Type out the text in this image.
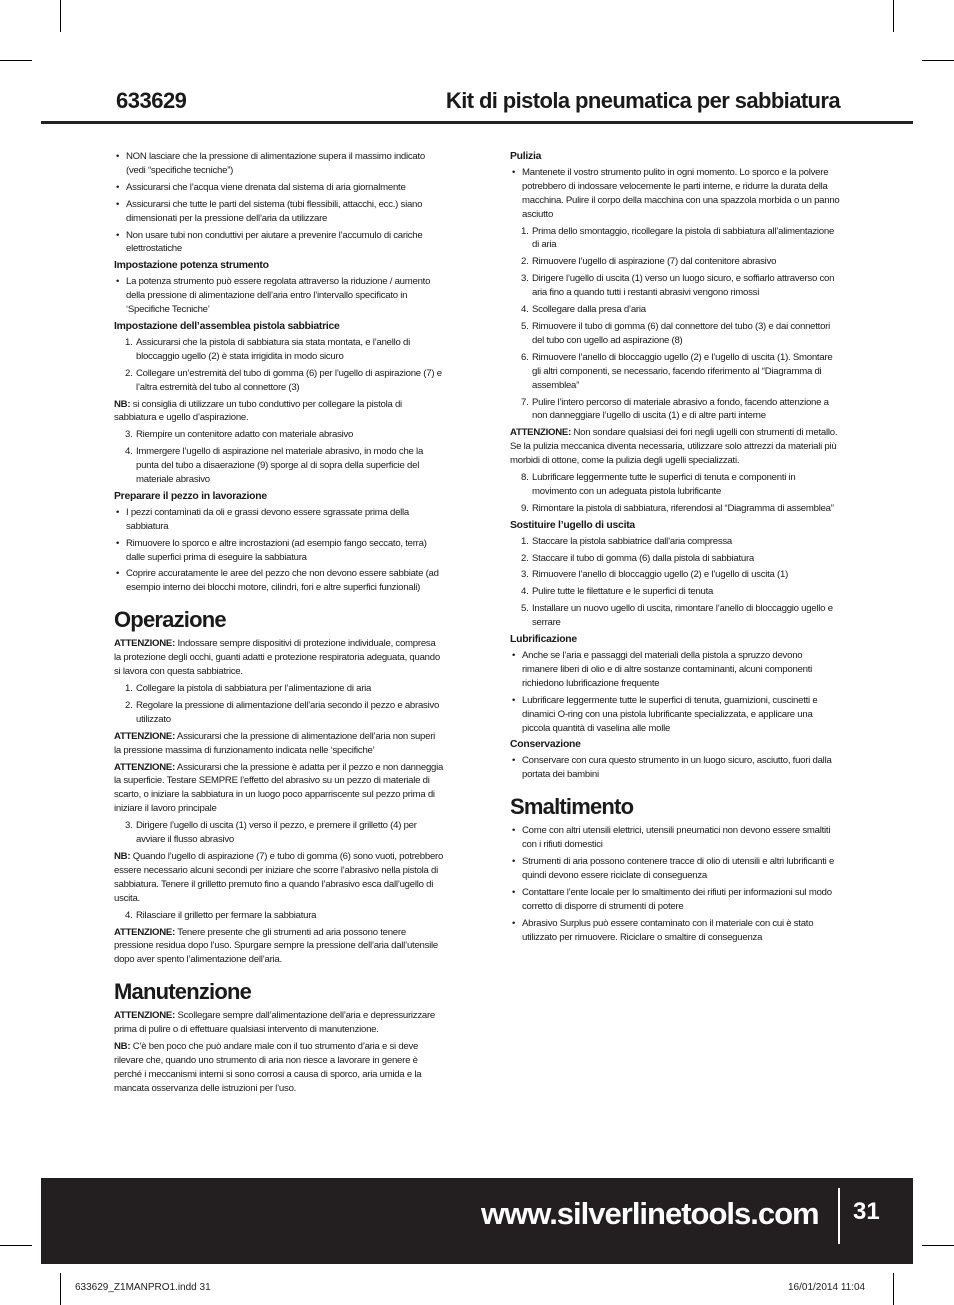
633629	Kit di pistola pneumatica per sabbiatura
• NON lasciare che la pressione di alimentazione supera il massimo indicato (vedi “specifiche tecniche”)
• Assicurarsi che l’acqua viene drenata dal sistema di aria giornalmente
• Assicurarsi che tutte le parti del sistema (tubi flessibili, attacchi, ecc.) siano dimensionati per la pressione dell’aria da utilizzare
• Non usare tubi non conduttivi per aiutare a prevenire l’accumulo di cariche elettrostatiche
Impostazione potenza strumento
• La potenza strumento può essere regolata attraverso la riduzione / aumento della pressione di alimentazione dell’aria entro l’intervallo specificato in ‘Specifiche Tecniche’
Impostazione dell’assemblea pistola sabbiatrice
1. Assicurarsi che la pistola di sabbiatura sia stata montata, e l’anello di bloccaggio ugello (2) è stata irrigidita in modo sicuro
2. Collegare un’estremità del tubo di gomma (6) per l’ugello di aspirazione (7) e l’altra estremità del tubo al connettore (3)
NB: si consiglia di utilizzare un tubo conduttivo per collegare la pistola di sabbiatura e ugello d’aspirazione.
3. Riempire un contenitore adatto con materiale abrasivo
4. Immergere l’ugello di aspirazione nel materiale abrasivo, in modo che la punta del tubo a disaerazione (9) sporge al di sopra della superficie del materiale abrasivo
Preparare il pezzo in lavorazione
• I pezzi contaminati da oli e grassi devono essere sgrassate prima della sabbiatura
• Rimuovere lo sporco e altre incrostazioni (ad esempio fango seccato, terra) dalle superfici prima di eseguire la sabbiatura
• Coprire accuratamente le aree del pezzo che non devono essere sabbiate (ad esempio interno dei blocchi motore, cilindri, fori e altre superfici funzionali)
Operazione
ATTENZIONE: Indossare sempre dispositivi di protezione individuale, compresa la protezione degli occhi, guanti adatti e protezione respiratoria adeguata, quando si lavora con questa sabbiatrice.
1. Collegare la pistola di sabbiatura per l’alimentazione di aria
2. Regolare la pressione di alimentazione dell’aria secondo il pezzo e abrasivo utilizzato
ATTENZIONE: Assicurarsi che la pressione di alimentazione dell’aria non superi la pressione massima di funzionamento indicata nelle ‘specifiche’
ATTENZIONE: Assicurarsi che la pressione è adatta per il pezzo e non danneggia la superficie. Testare SEMPRE l’effetto del abrasivo su un pezzo di materiale di scarto, o iniziare la sabbiatura in un luogo poco apparriscente sul pezzo prima di iniziare il lavoro principale
3. Dirigere l’ugello di uscita (1) verso il pezzo, e premere il grilletto (4) per avviare il flusso abrasivo
NB: Quando l’ugello di aspirazione (7) e tubo di gomma (6) sono vuoti, potrebbero essere necessario alcuni secondi per iniziare che scorre l’abrasivo nella pistola di sabbiatura. Tenere il grilletto premuto fino a quando l’abrasivo esca dall’ugello di uscita.
4. Rilasciare il grilletto per fermare la sabbiatura
ATTENZIONE: Tenere presente che gli strumenti ad aria possono tenere pressione residua dopo l’uso. Spurgare sempre la pressione dell’aria dall’utensile dopo aver spento l’alimentazione dell’aria.
Manutenzione
ATTENZIONE: Scollegare sempre dall’alimentazione dell’aria e depressurizzare prima di pulire o di effettuare qualsiasi intervento di manutenzione.
NB: C’è ben poco che può andare male con il tuo strumento d’aria e si deve rilevare che, quando uno strumento di aria non riesce a lavorare in genere è perché i meccanismi interni si sono corrosi a causa di sporco, aria umida e la mancata osservanza delle istruzioni per l’uso.
Pulizia
• Mantenete il vostro strumento pulito in ogni momento. Lo sporco e la polvere potrebbero di indossare velocemente le parti interne, e ridurre la durata della macchina. Pulire il corpo della macchina con una spazzola morbida o un panno asciutto
1. Prima dello smontaggio, ricollegare la pistola di sabbiatura all’alimentazione di aria
2. Rimuovere l’ugello di aspirazione (7) dal contenitore abrasivo
3. Dirigere l’ugello di uscita (1) verso un luogo sicuro, e soffiarlo attraverso con aria fino a quando tutti i restanti abrasivi vengono rimossi
4. Scollegare dalla presa d’aria
5. Rimuovere il tubo di gomma (6) dal connettore del tubo (3) e dai connettori del tubo con ugello ad aspirazione (8)
6. Rimuovere l’anello di bloccaggio ugello (2) e l’ugello di uscita (1). Smontare gli altri componenti, se necessario, facendo riferimento al “Diagramma di assemblea”
7. Pulire l’intero percorso di materiale abrasivo a fondo, facendo attenzione a non danneggiare l’ugello di uscita (1) e di altre parti interne
ATTENZIONE: Non sondare qualsiasi dei fori negli ugelli con strumenti di metallo. Se la pulizia meccanica diventa necessaria, utilizzare solo attrezzi da materiali più morbidi di ottone, come la pulizia degli ugelli specializzati.
8. Lubrificare leggermente tutte le superfici di tenuta e componenti in movimento con un adeguata pistola lubrificante
9. Rimontare la pistola di sabbiatura, riferendosi al “Diagramma di assemblea”
Sostituire l’ugello di uscita
1. Staccare la pistola sabbiatrice dall’aria compressa
2. Staccare il tubo di gomma (6) dalla pistola di sabbiatura
3. Rimuovere l’anello di bloccaggio ugello (2) e l’ugello di uscita (1)
4. Pulire tutte le filettature e le superfici di tenuta
5. Installare un nuovo ugello di uscita, rimontare l’anello di bloccaggio ugello e serrare
Lubrificazione
• Anche se l’aria e passaggi del materiali della pistola a spruzzo devono rimanere liberi di olio e di altre sostanze contaminanti, alcuni componenti richiedono lubrificazione frequente
• Lubrificare leggermente tutte le superfici di tenuta, guarnizioni, cuscinetti e dinamici O-ring con una pistola lubrificante specializzata, e applicare una piccola quantità di vaselina alle molle
Conservazione
• Conservare con cura questo strumento in un luogo sicuro, asciutto, fuori dalla portata dei bambini
Smaltimento
• Come con altri utensili elettrici, utensili pneumatici non devono essere smaltiti con i rifiuti domestici
• Strumenti di aria possono contenere tracce di olio di utensili e altri lubrificanti e quindi devono essere riciclate di conseguenza
• Contattare l’ente locale per lo smaltimento dei rifiuti per informazioni sul modo corretto di disporre di strumenti di potere
• Abrasivo Surplus può essere contaminato con il materiale con cui è stato utilizzato per rimuovere. Riciclare o smaltire di conseguenza
www.silverlinetools.com 31
633629_Z1MANPRO1.indd 31	16/01/2014 11:04
